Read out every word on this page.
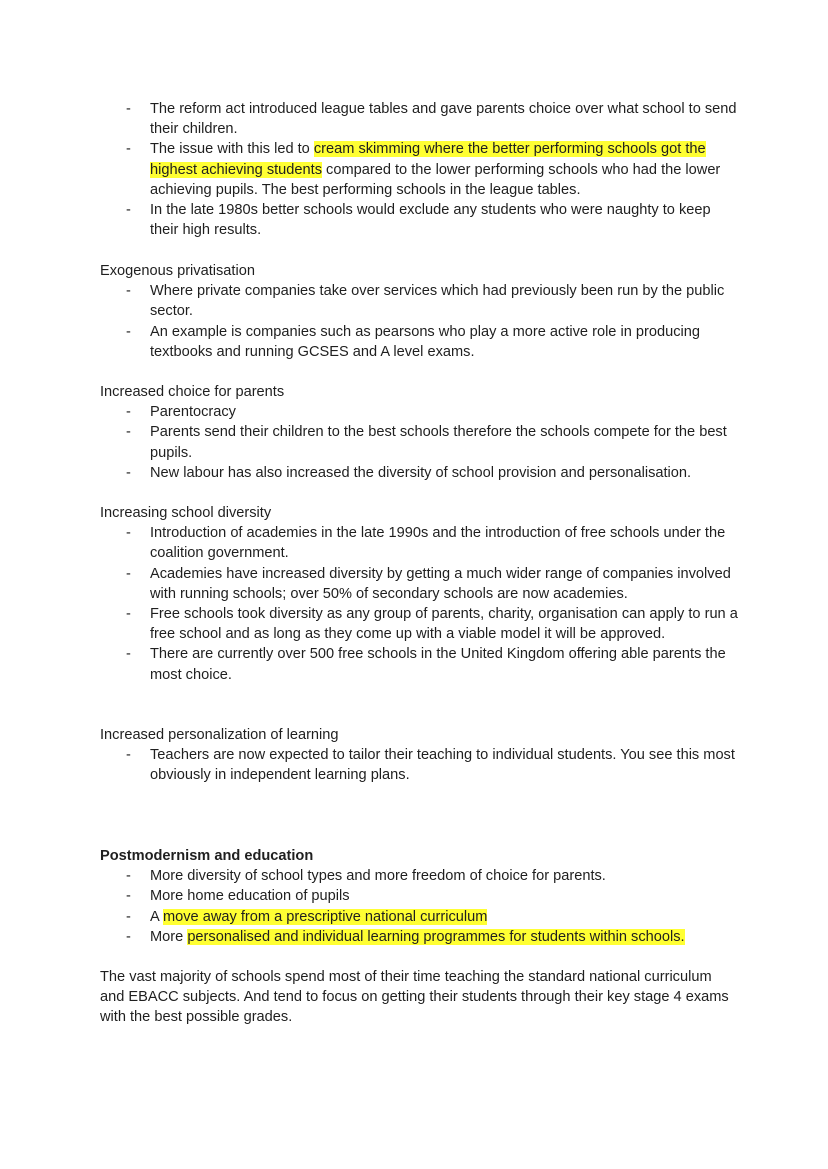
- The reform act introduced league tables and gave parents choice over what school to send their children.
- The issue with this led to cream skimming where the better performing schools got the highest achieving students compared to the lower performing schools who had the lower achieving pupils. The best performing schools in the league tables.
- In the late 1980s better schools would exclude any students who were naughty to keep their high results.

Exogenous privatisation

- Where private companies take over services which had previously been run by the public sector.
- An example is companies such as pearsons who play a more active role in producing textbooks and running GCSES and A level exams.

Increased choice for parents

- Parentocracy
- Parents send their children to the best schools therefore the schools compete for the best pupils.
- New labour has also increased the diversity of school provision and personalisation.

Increasing school diversity

- Introduction of academies in the late 1990s and the introduction of free schools under the coalition government.
- Academies have increased diversity by getting a much wider range of companies involved with running schools; over 50% of secondary schools are now academies.
- Free schools took diversity as any group of parents, charity, organisation can apply to run a free school and as long as they come up with a viable model it will be approved.
- There are currently over 500 free schools in the United Kingdom offering able parents the most choice.

Increased personalization of learning

- Teachers are now expected to tailor their teaching to individual students. You see this most obviously in independent learning plans.

Postmodernism and education

- More diversity of school types and more freedom of choice for parents.
- More home education of pupils
- A move away from a prescriptive national curriculum
- More personalised and individual learning programmes for students within schools.

The vast majority of schools spend most of their time teaching the standard national curriculum and EBACC subjects. And tend to focus on getting their students through their key stage 4 exams with the best possible grades.
